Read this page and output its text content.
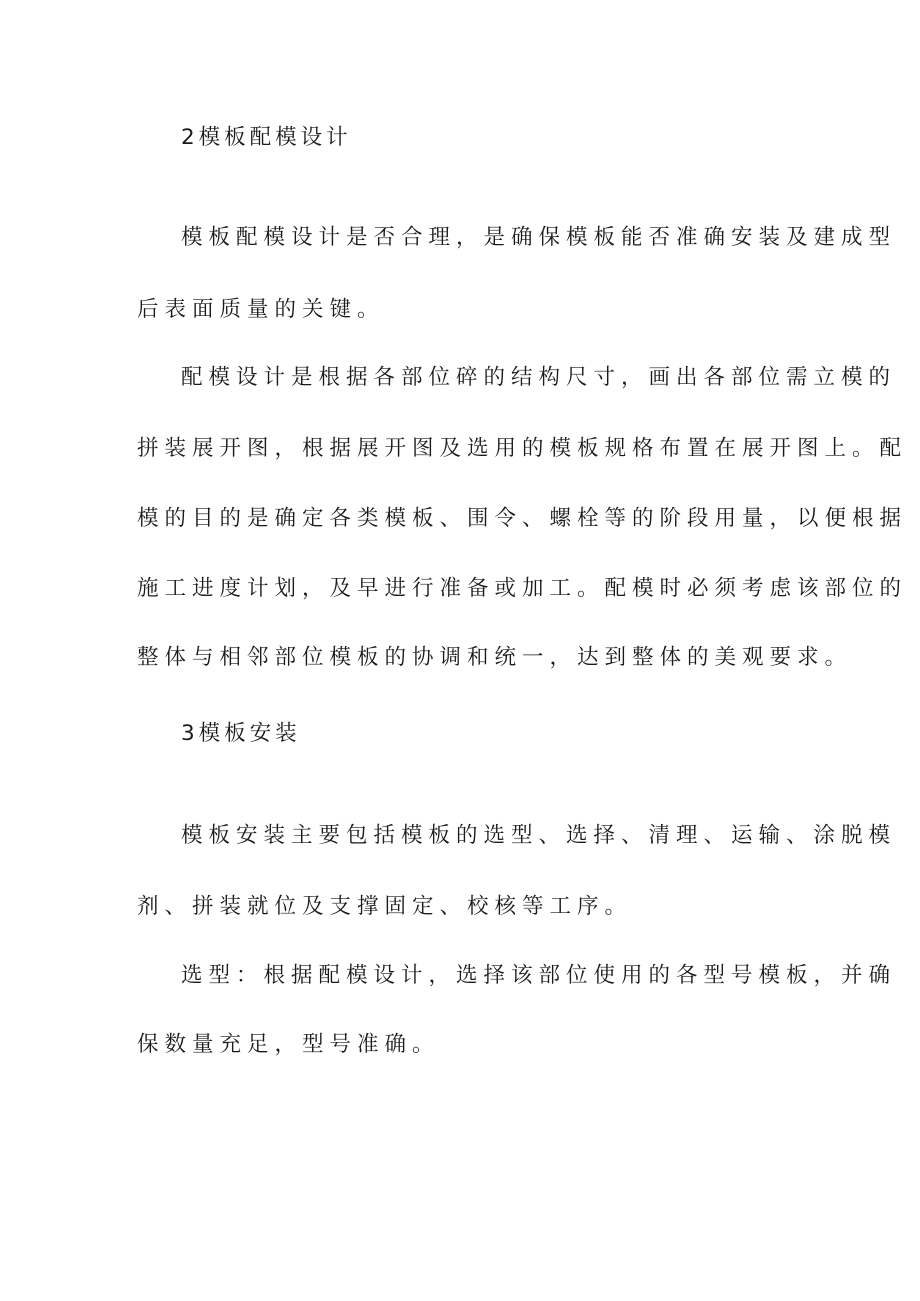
2模板配模设计
模板配模设计是否合理，是确保模板能否准确安装及建成型
后表面质量的关键。
配模设计是根据各部位碎的结构尺寸，画出各部位需立模的
拼装展开图，根据展开图及选用的模板规格布置在展开图上。配
模的目的是确定各类模板、围令、螺栓等的阶段用量，以便根据
施工进度计划，及早进行准备或加工。配模时必须考虑该部位的
整体与相邻部位模板的协调和统一，达到整体的美观要求。
3模板安装
模板安装主要包括模板的选型、选择、清理、运输、涂脱模
剂、拼装就位及支撑固定、校核等工序。
选型：根据配模设计，选择该部位使用的各型号模板，并确
保数量充足，型号准确。
